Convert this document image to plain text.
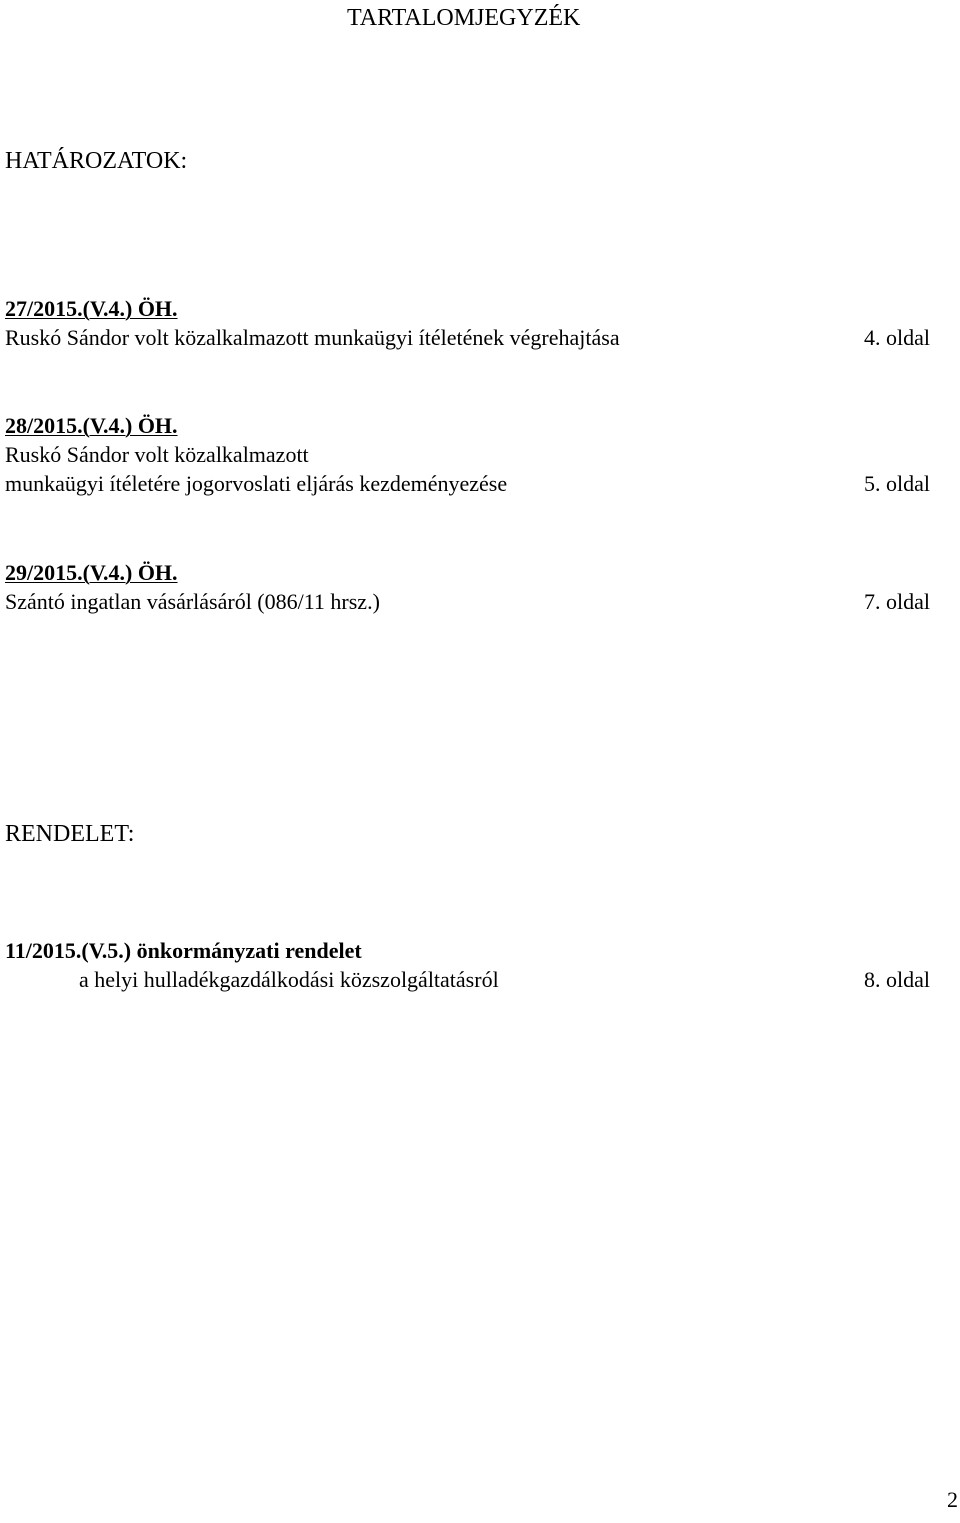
TARTALOMJEGYZÉK
HATÁROZATOK:
27/2015.(V.4.) ÖH.
Ruskó Sándor volt közalkalmazott munkaügyi ítéletének végrehajtása	4. oldal
28/2015.(V.4.) ÖH.
Ruskó Sándor volt közalkalmazott
munkaügyi ítéletére jogorvoslati eljárás kezdeményezése	5. oldal
29/2015.(V.4.) ÖH.
Szántó ingatlan vásárlásáról (086/11 hrsz.)	7. oldal
RENDELET:
11/2015.(V.5.) önkormányzati rendelet
a helyi hulladékgazdálkodási közszolgáltatásról	8. oldal
2
